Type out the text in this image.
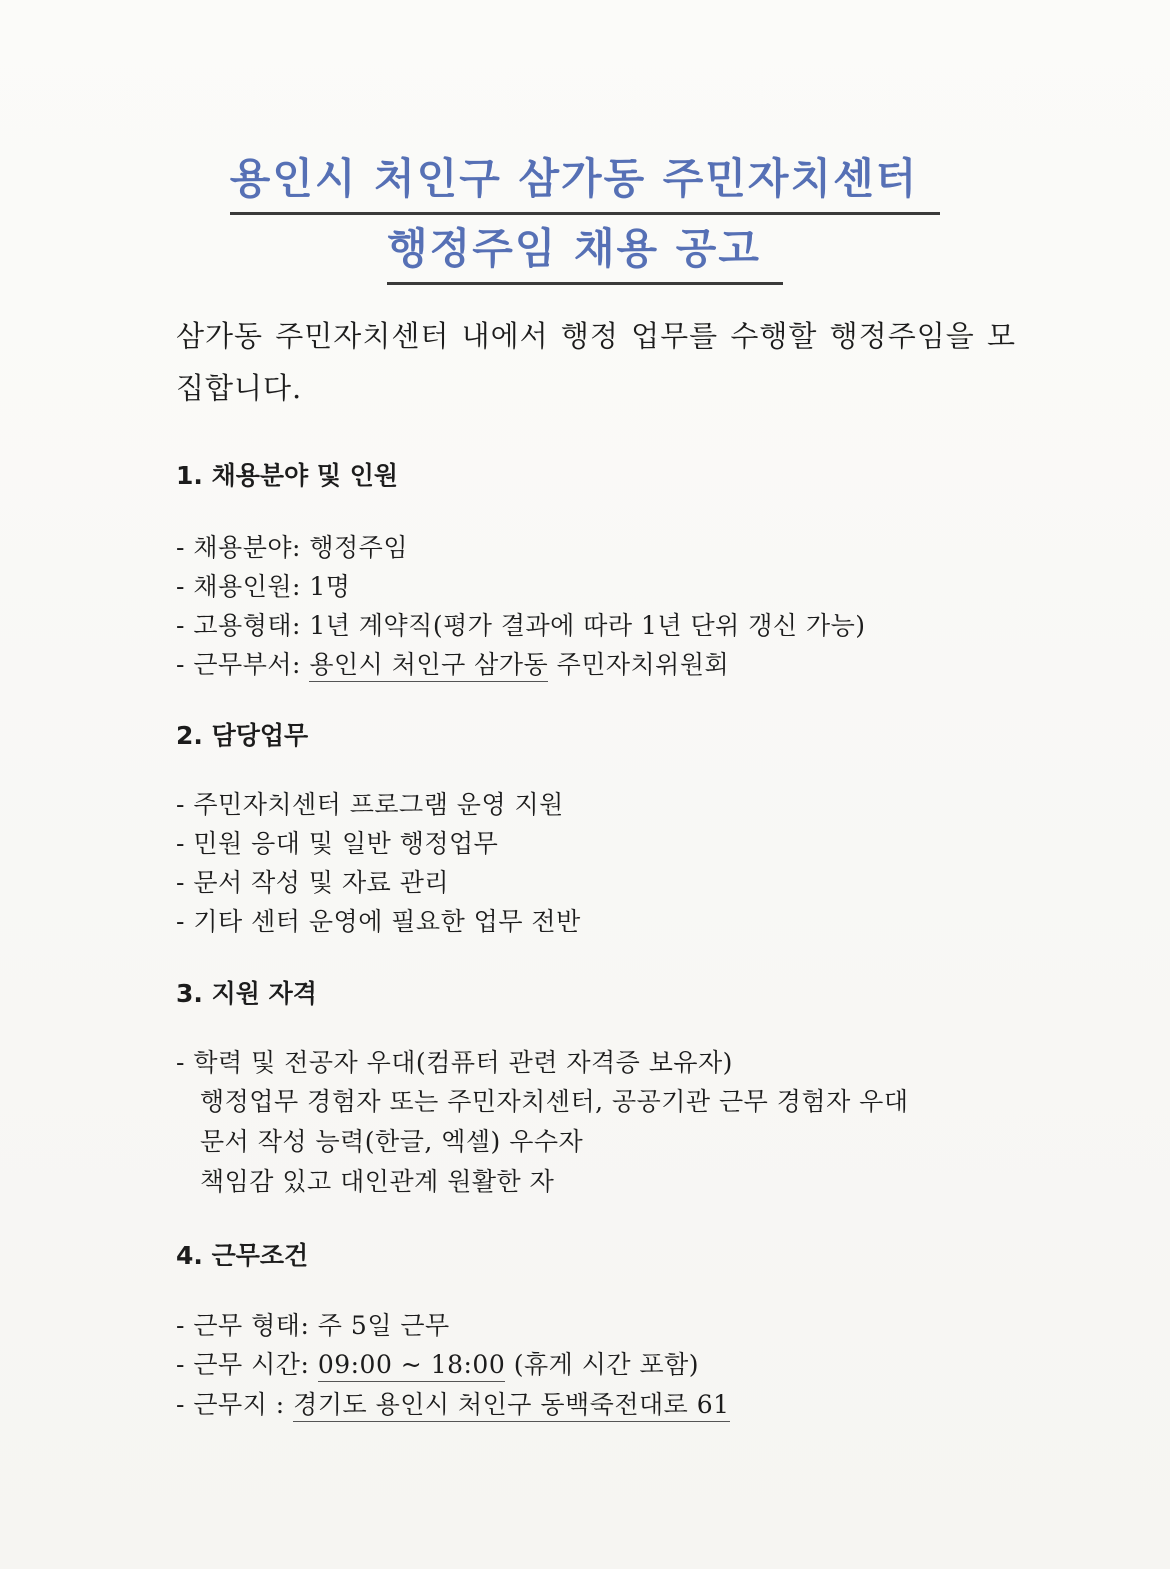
용인시 처인구 삼가동 주민자치센터
행정주임 채용 공고
삼가동 주민자치센터 내에서 행정 업무를 수행할 행정주임을 모집합니다.
1. 채용분야 및 인원
- 채용분야: 행정주임
- 채용인원: 1명
- 고용형태: 1년 계약직(평가 결과에 따라 1년 단위 갱신 가능)
- 근무부서: 용인시 처인구 삼가동 주민자치위원회
2. 담당업무
- 주민자치센터 프로그램 운영 지원
- 민원 응대 및 일반 행정업무
- 문서 작성 및 자료 관리
- 기타 센터 운영에 필요한 업무 전반
3. 지원 자격
- 학력 및 전공자 우대(컴퓨터 관련 자격증 보유자)
행정업무 경험자 또는 주민자치센터, 공공기관 근무 경험자 우대
문서 작성 능력(한글, 엑셀) 우수자
책임감 있고 대인관계 원활한 자
4. 근무조건
- 근무 형태: 주 5일 근무
- 근무 시간: 09:00 ~ 18:00 (휴게 시간 포함)
- 근무지 : 경기도 용인시 처인구 동백죽전대로 61
